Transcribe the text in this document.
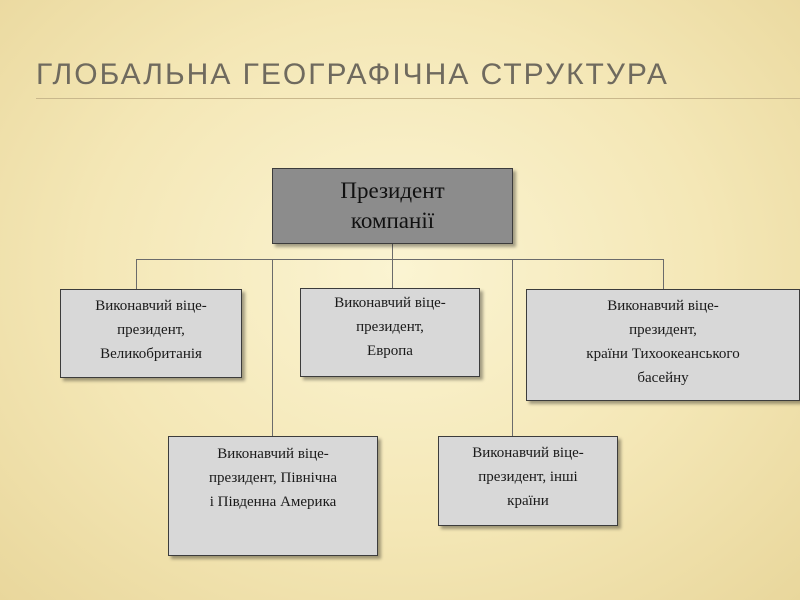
ГЛОБАЛЬНА ГЕОГРАФІЧНА СТРУКТУРА
Президент
компанії
Виконавчий віце-
президент,
Великобританія
Виконавчий віце-
президент,
Европа
Виконавчий віце-
президент,
країни Тихоокеанського
басейну
Виконавчий віце-
президент, Північна
і Південна Америка
Виконавчий віце-
президент, інші
країни
